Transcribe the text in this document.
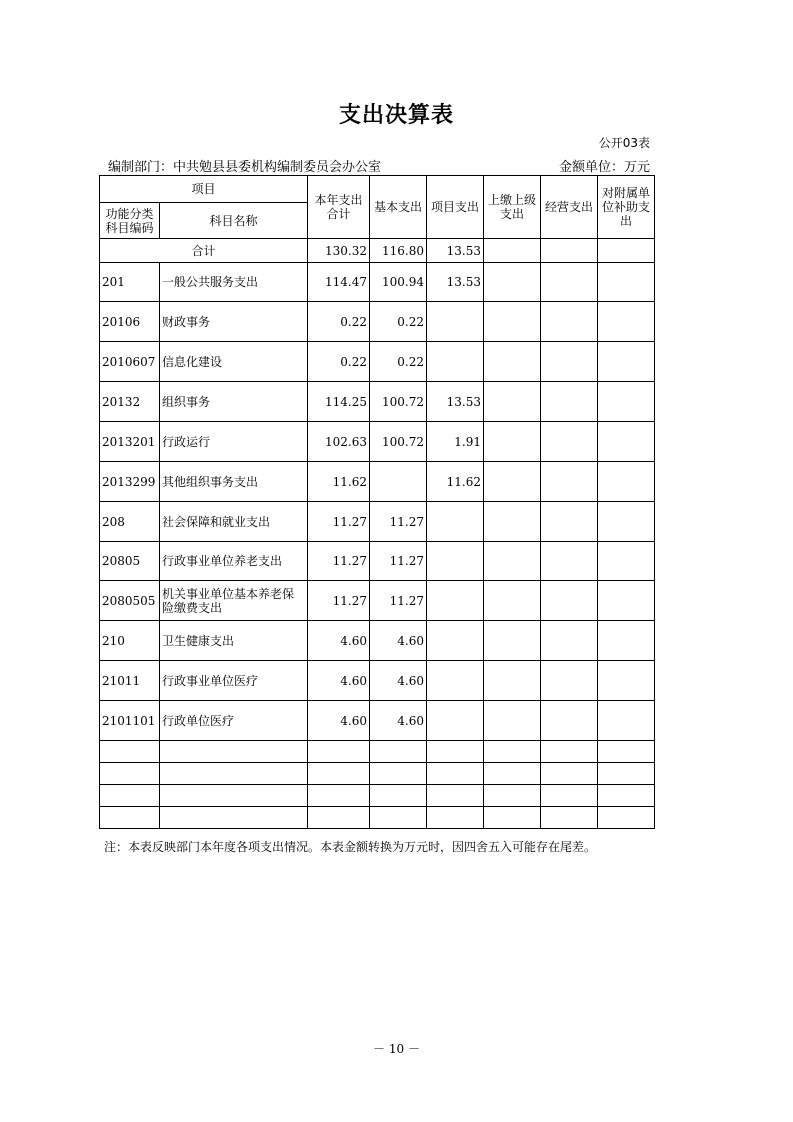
支出决算表
公开03表
编制部门：中共勉县县委机构编制委员会办公室	金额单位：万元
项目		本年支出合计	基本支出	项目支出	上缴上级支出	经营支出	对附属单位补助支出

功能分类科目编码	科目名称						
合计		130.32	116.80	13.53			
201	一般公共服务支出	114.47	100.94	13.53			
20106	财政事务	0.22	0.22				
2010607	信息化建设	0.22	0.22				
20132	组织事务	114.25	100.72	13.53			
2013201	行政运行	102.63	100.72	1.91			
2013299	其他组织事务支出	11.62		11.62			
208	社会保障和就业支出	11.27	11.27				
20805	行政事业单位养老支出	11.27	11.27				
2080505	机关事业单位基本养老保险缴费支出	11.27	11.27				
210	卫生健康支出	4.60	4.60				
21011	行政事业单位医疗	4.60	4.60				
2101101	行政单位医疗	4.60	4.60				

注：本表反映部门本年度各项支出情况。本表金额转换为万元时，因四舍五入可能存在尾差。
－ 10 －
